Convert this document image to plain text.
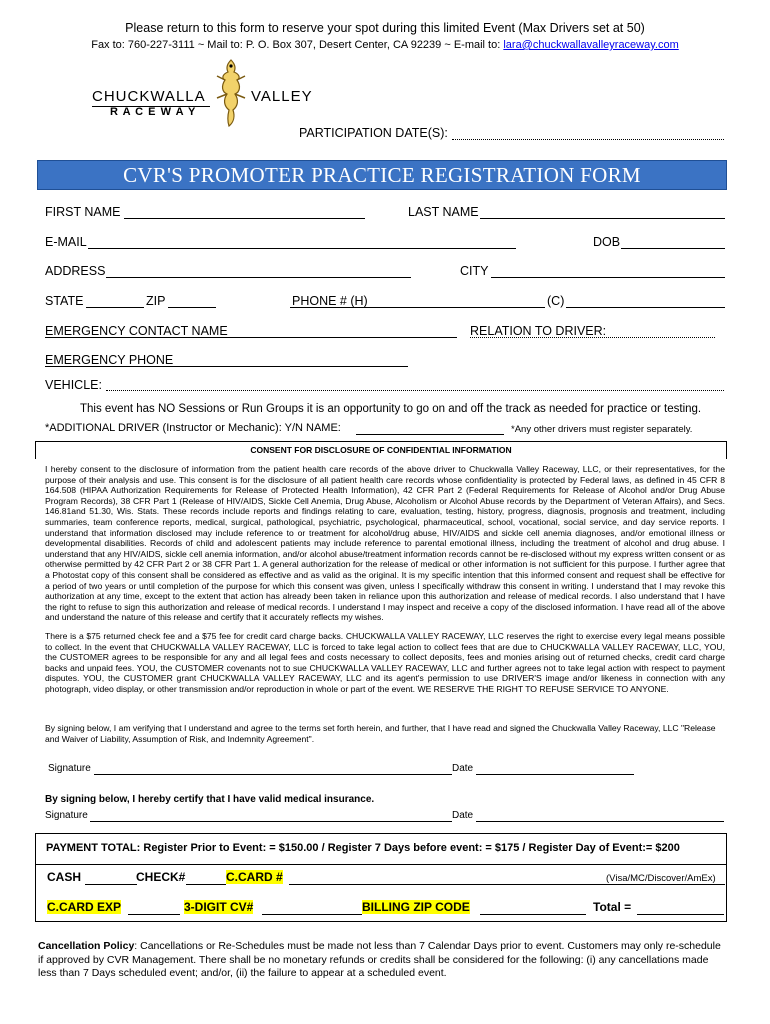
Please return to this form to reserve your spot during this limited Event (Max Drivers set at 50)
Fax to: 760-227-3111 ~ Mail to: P. O. Box 307, Desert Center, CA 92239 ~ E-mail to: lara@chuckwallavalleyraceway.com
CHUCKWALLA	VALLEY
R A C E W A Y
PARTICIPATION DATE(S):
CVR'S PROMOTER PRACTICE REGISTRATION FORM
FIRST NAME	LAST NAME
E-MAIL	DOB
ADDRESS	CITY
STATE	ZIP	PHONE # (H)	(C)
EMERGENCY CONTACT NAME	RELATION TO DRIVER:
EMERGENCY PHONE
VEHICLE:
This event has NO Sessions or Run Groups it is an opportunity to go on and off the track as needed for practice or testing.
*ADDITIONAL DRIVER (Instructor or Mechanic): Y/N NAME:	*Any other drivers must register separately.
CONSENT FOR DISCLOSURE OF CONFIDENTIAL INFORMATION
I hereby consent to the disclosure of information from the patient health care records of the above driver to Chuckwalla Valley Raceway, LLC, or their representatives, for the purpose of their analysis and use. This consent is for the disclosure of all patient health care records whose confidentiality is protected by Federal laws, as defined in 45 CFR 8 164.508 (HIPAA Authorization Requirements for Release of Protected Health Information), 42 CFR Part 2 (Federal Requirements for Release of Alcohol and/or Drug Abuse Program Records), 38 CFR Part 1 (Release of HIV/AIDS, Sickle Cell Anemia, Drug Abuse, Alcoholism or Alcohol Abuse records by the Department of Veteran Affairs), and Secs. 146.81and 51.30, Wis. Stats. These records include reports and findings relating to care, evaluation, testing, history, progress, diagnosis, prognosis and treatment, including summaries, team conference reports, medical, surgical, pathological, psychiatric, psychological, pharmaceutical, school, vocational, social service, and day service reports. I understand that information disclosed may include reference to or treatment for alcohol/drug abuse, HIV/AIDS and sickle cell anemia diagnoses, and/or emotional illness or developmental disabilities. Records of child and adolescent patients may include reference to parental emotional illness, including the treatment of alcohol and drug abuse. I understand that any HIV/AIDS, sickle cell anemia information, and/or alcohol abuse/treatment information records cannot be re-disclosed without my express written consent or as otherwise permitted by 42 CFR Part 2 or 38 CFR Part 1. A general authorization for the release of medical or other information is not sufficient for this purpose. I further agree that a Photostat copy of this consent shall be considered as effective and as valid as the original. It is my specific intention that this informed consent and request shall be effective for a period of two years or until completion of the purpose for which this consent was given, unless I specifically withdraw this consent in writing. I understand that I may revoke this authorization at any time, except to the extent that action has already been taken in reliance upon this authorization and release of medical records. I also understand that I have the right to refuse to sign this authorization and release of medical records. I understand I may inspect and receive a copy of the disclosed information. I have read all of the above and understand the nature of this release and certify that it accurately reflects my wishes.
There is a $75 returned check fee and a $75 fee for credit card charge backs. CHUCKWALLA VALLEY RACEWAY, LLC reserves the right to exercise every legal means possible to collect. In the event that CHUCKWALLA VALLEY RACEWAY, LLC is forced to take legal action to collect fees that are due to CHUCKWALLA VALLEY RACEWAY, LLC, YOU, the CUSTOMER agrees to be responsible for any and all legal fees and costs necessary to collect deposits, fees and monies arising out of returned checks, credit card charge backs and unpaid fees. YOU, the CUSTOMER covenants not to sue CHUCKWALLA VALLEY RACEWAY, LLC and further agrees not to take legal action with respect to payment disputes. YOU, the CUSTOMER grant CHUCKWALLA VALLEY RACEWAY, LLC and its agent's permission to use DRIVER'S image and/or likeness in connection with any photograph, video display, or other transmission and/or reproduction in whole or part of the event. WE RESERVE THE RIGHT TO REFUSE SERVICE TO ANYONE.
By signing below, I am verifying that I understand and agree to the terms set forth herein, and further, that I have read and signed the Chuckwalla Valley Raceway, LLC "Release and Waiver of Liability, Assumption of Risk, and Indemnity Agreement".
Signature	Date
By signing below, I hereby certify that I have valid medical insurance.
Signature	Date
PAYMENT TOTAL: Register Prior to Event: = $150.00 / Register 7 Days before event: = $175 / Register Day of Event:= $200
CASH	CHECK#	C.CARD #	(Visa/MC/Discover/AmEx)
C.CARD EXP	3-DIGIT CV#	BILLING ZIP CODE	Total =
Cancellation Policy: Cancellations or Re-Schedules must be made not less than 7 Calendar Days prior to event. Customers may only re-schedule if approved by CVR Management. There shall be no monetary refunds or credits shall be considered for the following: (i) any cancellations made less than 7 Days scheduled event; and/or, (ii) the failure to appear at a scheduled event.
